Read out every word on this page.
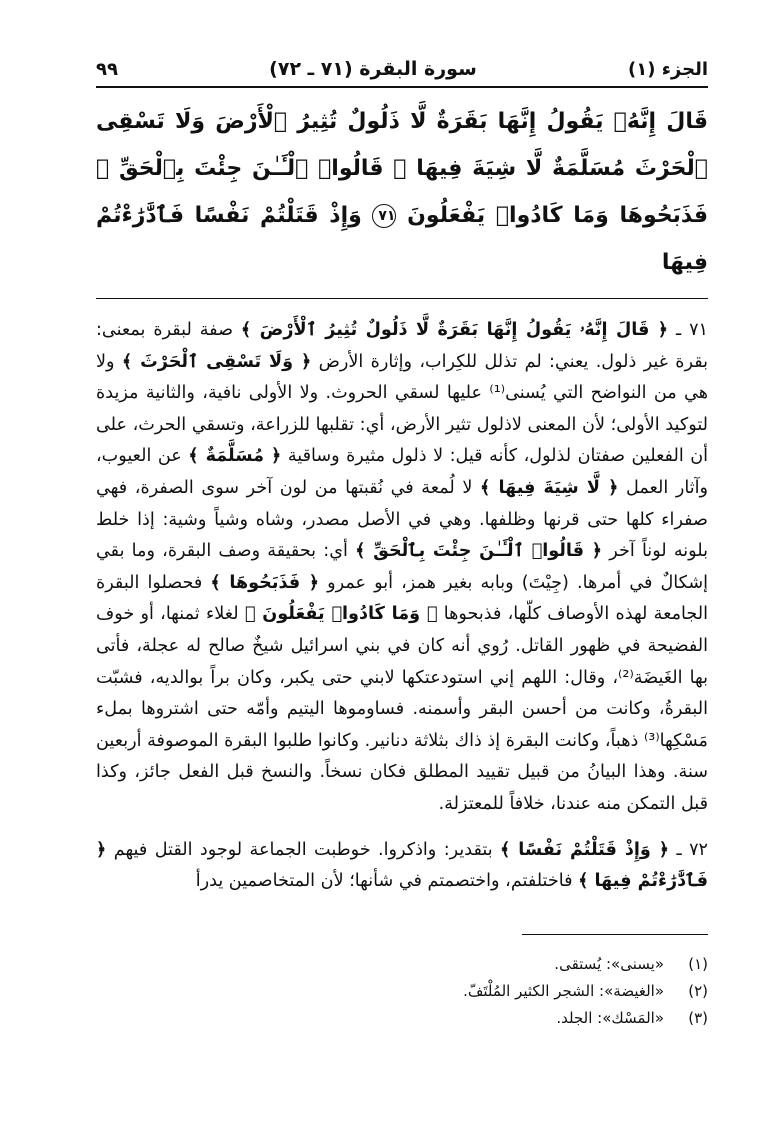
الجزء (١)
سورة البقرة (٧١ ـ ٧٢)
٩٩
قَالَ إِنَّهُۥ يَقُولُ إِنَّهَا بَقَرَةٌ لَّا ذَلُولٌ تُثِيرُ ٱلْأَرْضَ وَلَا تَسْقِى ٱلْحَرْثَ مُسَلَّمَةٌ لَّا شِيَةَ فِيهَا ۚ قَالُوا۟ ٱلْـَٔـٰنَ جِئْتَ بِٱلْحَقِّ ۚ فَذَبَحُوهَا وَمَا كَادُوا۟ يَفْعَلُونَ ٧١ وَإِذْ قَتَلْتُمْ نَفْسًا فَٱدَّٰرَٰءْتُمْ فِيهَا

٧١ ـ ﴿ قَالَ إِنَّهُۥ يَقُولُ إِنَّهَا بَقَرَةٌ لَّا ذَلُولٌ تُثِيرُ ٱلْأَرْضَ ﴾ صفة لبقرة بمعنى: بقرة غير ذلول. يعني: لم تذلل للكِراب، وإثارة الأرض ﴿ وَلَا تَسْقِى ٱلْحَرْثَ ﴾ ولا هي من النواضح التي يُسنى⁽¹⁾ عليها لسقي الحروث. ولا الأولى نافية، والثانية مزيدة لتوكيد الأولى؛ لأن المعنى لاذلول تثير الأرض، أي: تقلبها للزراعة، وتسقي الحرث، على أن الفعلين صفتان لذلول، كأنه قيل: لا ذلول مثيرة وساقية ﴿ مُسَلَّمَةٌ ﴾ عن العيوب، وآثار العمل ﴿ لَّا شِيَةَ فِيهَا ﴾ لا لُمعة في نُقبتها من لون آخر سوى الصفرة، فهي صفراء كلها حتى قرنها وظلفها. وهي في الأصل مصدر، وشاه وشياً وشية: إذا خلط بلونه لوناً آخر ﴿ قَالُوا۟ ٱلْـَٔـٰنَ جِئْتَ بِٱلْحَقِّ ﴾ أي: بحقيقة وصف البقرة، وما بقي إشكالٌ في أمرها. (جِيْتَ) وبابه بغير همز، أبو عمرو ﴿ فَذَبَحُوهَا ﴾ فحصلوا البقرة الجامعة لهذه الأوصاف كلّها، فذبحوها ﴿ وَمَا كَادُوا۟ يَفْعَلُونَ ﴾ لغلاء ثمنها، أو خوف الفضيحة في ظهور القاتل. رُوي أنه كان في بني اسرائيل شيخٌ صالح له عجلة، فأتى بها الغَيضَة⁽²⁾، وقال: اللهم إني استودعتكها لابني حتى يكبر، وكان براً بوالديه، فشبّت البقرةُ، وكانت من أحسن البقر وأسمنه. فساوموها اليتيم وأمّه حتى اشتروها بملء مَسْكِها⁽³⁾ ذهباً، وكانت البقرة إذ ذاك بثلاثة دنانير. وكانوا طلبوا البقرة الموصوفة أربعين سنة. وهذا البيانُ من قبيل تقييد المطلق فكان نسخاً. والنسخ قبل الفعل جائز، وكذا قبل التمكن منه عندنا، خلافاً للمعتزلة.

٧٢ ـ ﴿ وَإِذْ قَتَلْتُمْ نَفْسًا ﴾ بتقدير: واذكروا. خوطبت الجماعة لوجود القتل فيهم ﴿ فَٱدَّٰرَٰءْتُمْ فِيهَا ﴾ فاختلفتم، واختصمتم في شأنها؛ لأن المتخاصمين يدرأ

(١)
«يسنى»: يُستقى.
(٢)
«الغيضة»: الشجر الكثير المُلْتَفّ.
(٣)
«المَسْك»: الجلد.
